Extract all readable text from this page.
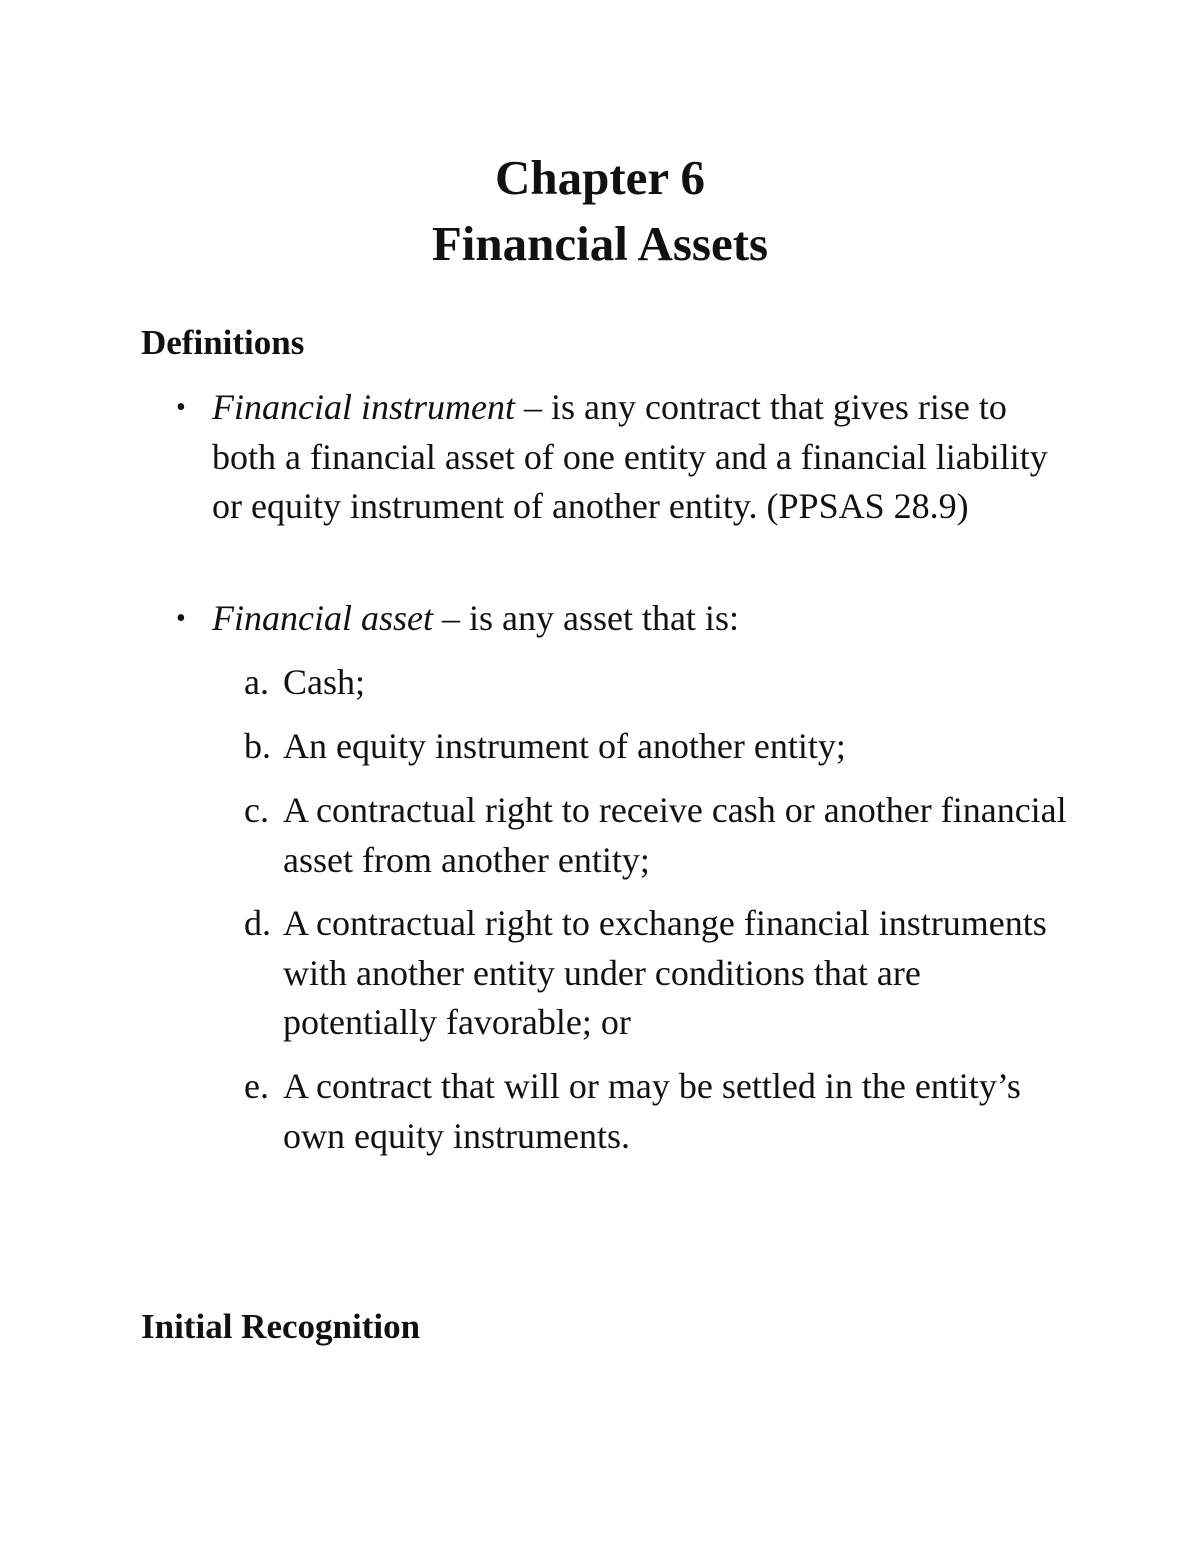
Chapter 6
Financial Assets
Definitions
• Financial instrument – is any contract that gives rise to both a financial asset of one entity and a financial liability or equity instrument of another entity. (PPSAS 28.9)
• Financial asset – is any asset that is:
a. Cash;
b. An equity instrument of another entity;
c. A contractual right to receive cash or another financial asset from another entity;
d. A contractual right to exchange financial instruments with another entity under conditions that are potentially favorable; or
e. A contract that will or may be settled in the entity’s own equity instruments.
Initial Recognition
